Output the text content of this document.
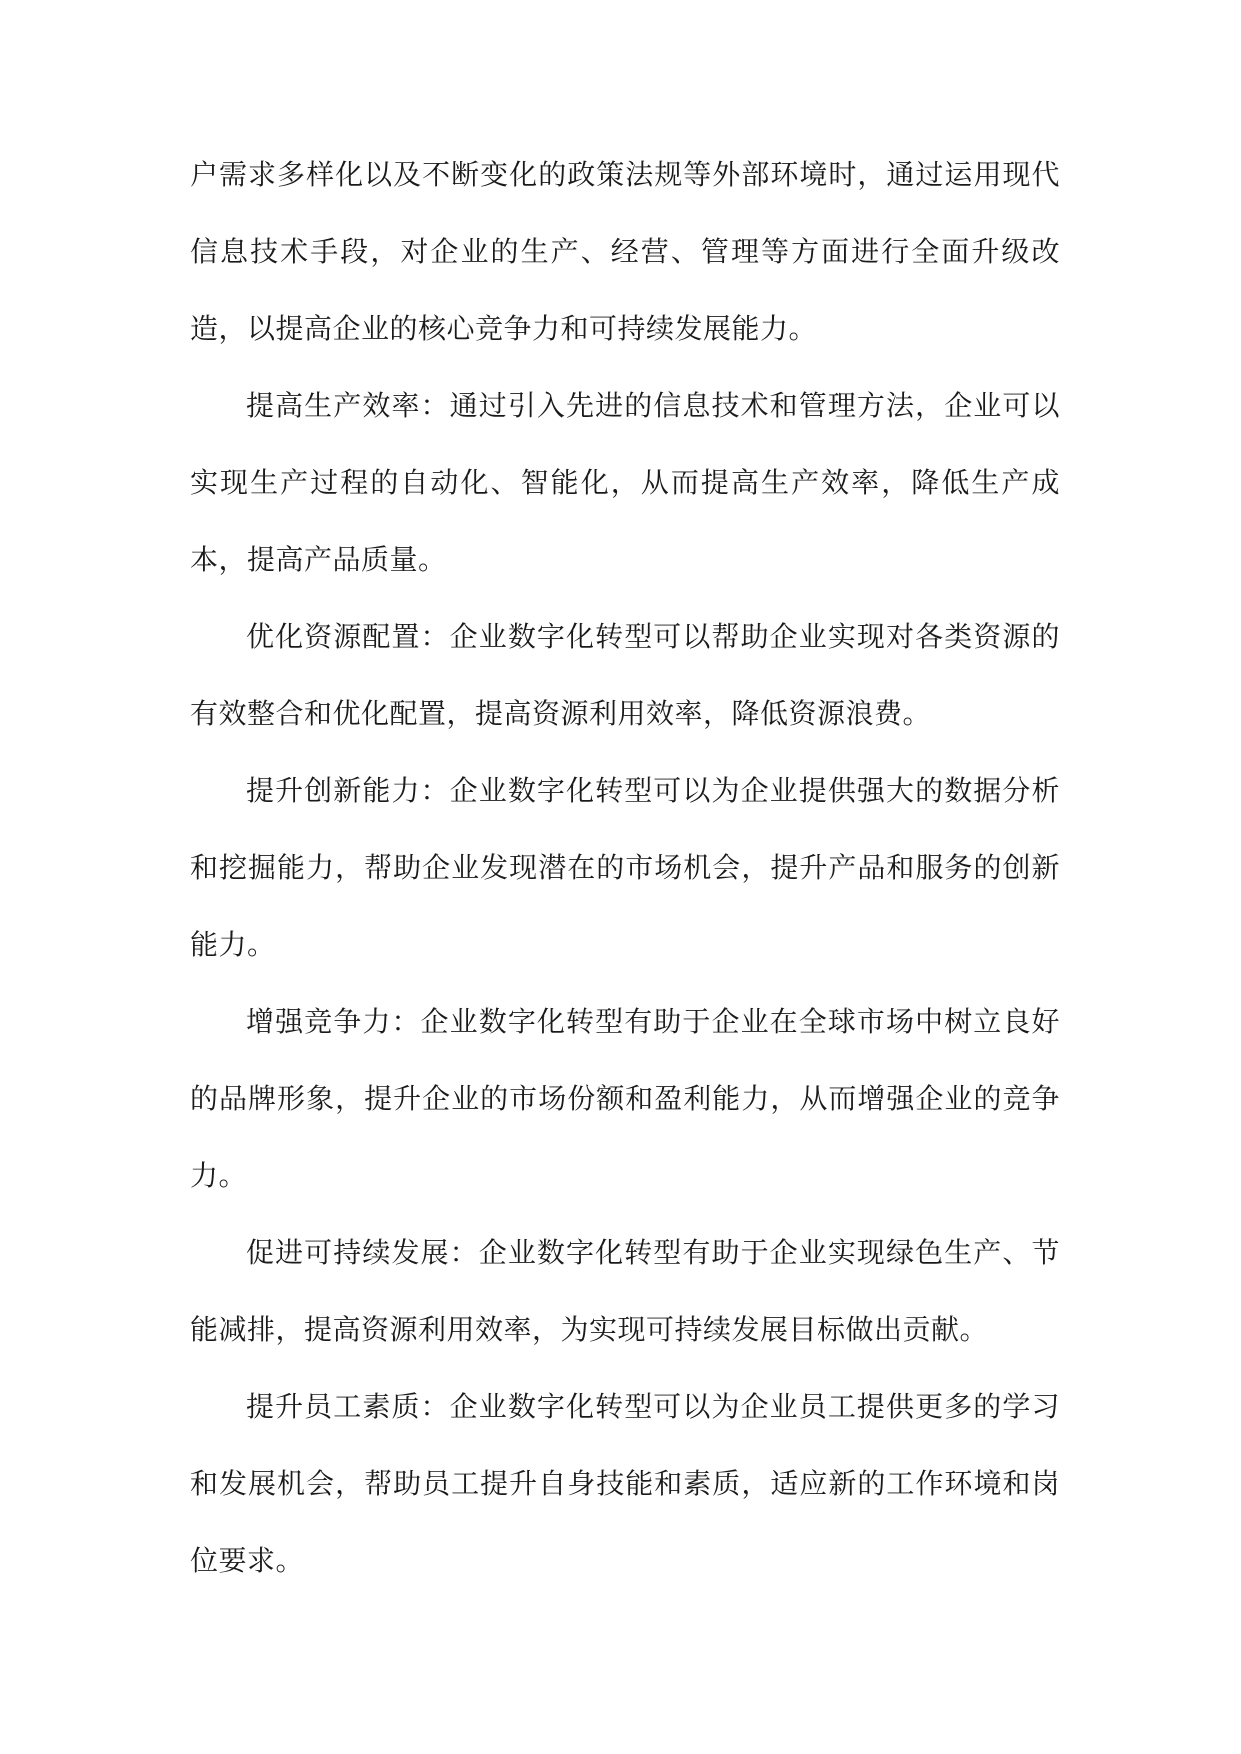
户需求多样化以及不断变化的政策法规等外部环境时，通过运用现代信息技术手段，对企业的生产、经营、管理等方面进行全面升级改造，以提高企业的核心竞争力和可持续发展能力。

提高生产效率：通过引入先进的信息技术和管理方法，企业可以实现生产过程的自动化、智能化，从而提高生产效率，降低生产成本，提高产品质量。

优化资源配置：企业数字化转型可以帮助企业实现对各类资源的有效整合和优化配置，提高资源利用效率，降低资源浪费。

提升创新能力：企业数字化转型可以为企业提供强大的数据分析和挖掘能力，帮助企业发现潜在的市场机会，提升产品和服务的创新能力。

增强竞争力：企业数字化转型有助于企业在全球市场中树立良好的品牌形象，提升企业的市场份额和盈利能力，从而增强企业的竞争力。

促进可持续发展：企业数字化转型有助于企业实现绿色生产、节能减排，提高资源利用效率，为实现可持续发展目标做出贡献。

提升员工素质：企业数字化转型可以为企业员工提供更多的学习和发展机会，帮助员工提升自身技能和素质，适应新的工作环境和岗位要求。
